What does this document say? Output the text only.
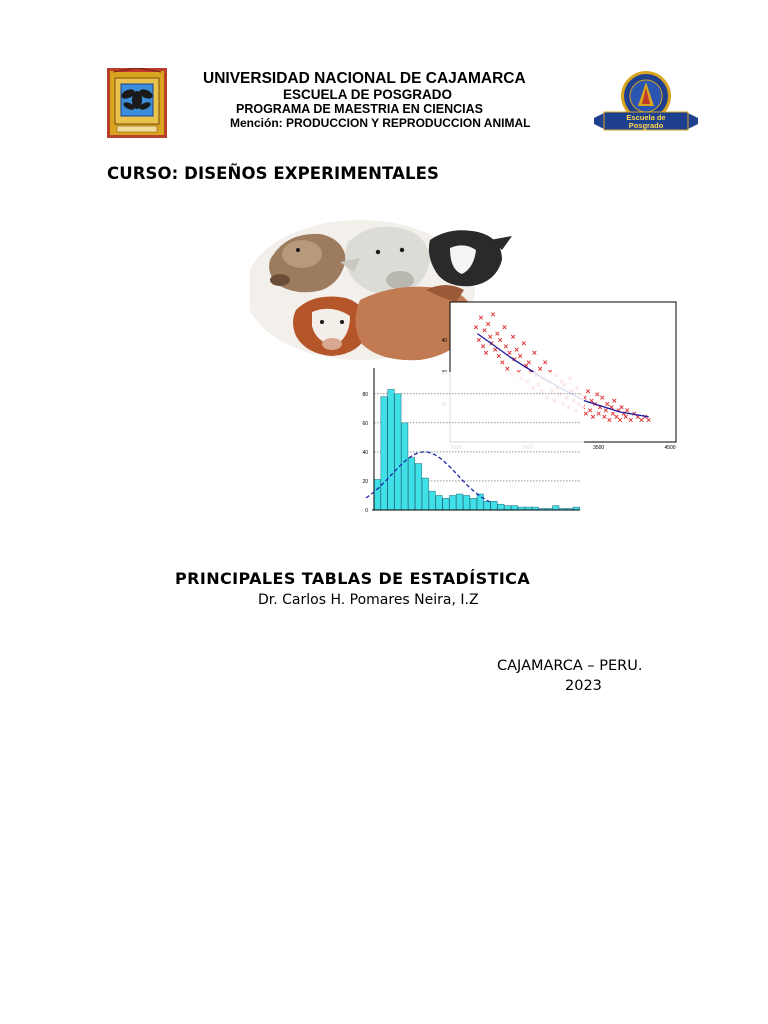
UNIVERSIDAD NACIONAL DE CAJAMARCA
ESCUELA DE POSGRADO
PROGRAMA DE MAESTRIA EN CIENCIAS
Mención: PRODUCCION Y REPRODUCCION ANIMAL	Escuela de
Posgrado
CURSO: DISEÑOS EXPERIMENTALES
3500	4500
40
0
20
40
60
80
PRINCIPALES TABLAS DE ESTADÍSTICA
Dr. Carlos H. Pomares Neira, I.Z
CAJAMARCA – PERU.
2023
